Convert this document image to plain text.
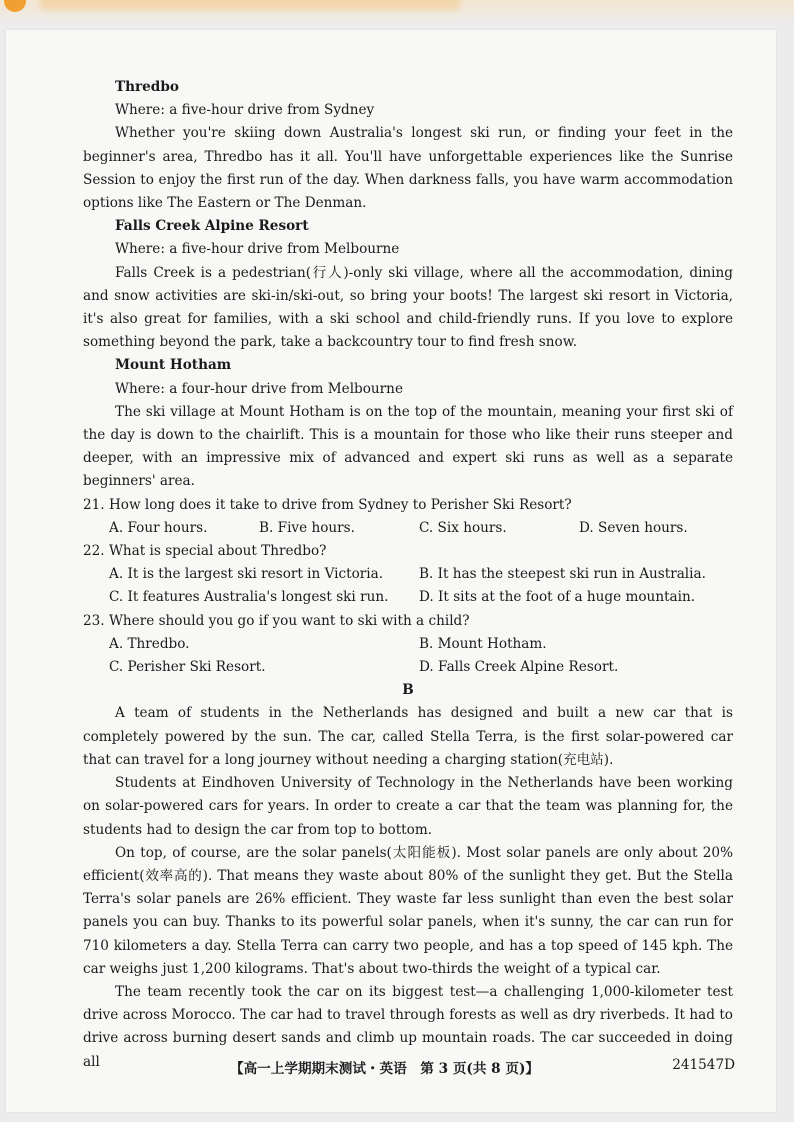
Thredbo

Where: a five-hour drive from Sydney

Whether you're skiing down Australia's longest ski run, or finding your feet in the beginner's area, Thredbo has it all. You'll have unforgettable experiences like the Sunrise Session to enjoy the first run of the day. When darkness falls, you have warm accommodation options like The Eastern or The Denman.

Falls Creek Alpine Resort

Where: a five-hour drive from Melbourne

Falls Creek is a pedestrian(行人)-only ski village, where all the accommodation, dining and snow activities are ski-in/ski-out, so bring your boots! The largest ski resort in Victoria, it's also great for families, with a ski school and child-friendly runs. If you love to explore something beyond the park, take a backcountry tour to find fresh snow.

Mount Hotham

Where: a four-hour drive from Melbourne

The ski village at Mount Hotham is on the top of the mountain, meaning your first ski of the day is down to the chairlift. This is a mountain for those who like their runs steeper and deeper, with an impressive mix of advanced and expert ski runs as well as a separate beginners' area.

21. How long does it take to drive from Sydney to Perisher Ski Resort?

A. Four hours.	B. Five hours.	C. Six hours.	D. Seven hours.

22. What is special about Thredbo?

A. It is the largest ski resort in Victoria.	B. It has the steepest ski run in Australia.
C. It features Australia's longest ski run.	D. It sits at the foot of a huge mountain.

23. Where should you go if you want to ski with a child?

A. Thredbo.	B. Mount Hotham.
C. Perisher Ski Resort.	D. Falls Creek Alpine Resort.

B

A team of students in the Netherlands has designed and built a new car that is completely powered by the sun. The car, called Stella Terra, is the first solar-powered car that can travel for a long journey without needing a charging station(充电站).

Students at Eindhoven University of Technology in the Netherlands have been working on solar-powered cars for years. In order to create a car that the team was planning for, the students had to design the car from top to bottom.

On top, of course, are the solar panels(太阳能板). Most solar panels are only about 20% efficient(效率高的). That means they waste about 80% of the sunlight they get. But the Stella Terra's solar panels are 26% efficient. They waste far less sunlight than even the best solar panels you can buy. Thanks to its powerful solar panels, when it's sunny, the car can run for 710 kilometers a day. Stella Terra can carry two people, and has a top speed of 145 kph. The car weighs just 1,200 kilograms. That's about two-thirds the weight of a typical car.

The team recently took the car on its biggest test—a challenging 1,000-kilometer test drive across Morocco. The car had to travel through forests as well as dry riverbeds. It had to drive across burning desert sands and climb up mountain roads. The car succeeded in doing all	【高一上学期期末测试・英语　第 3 页(共 8 页)】	241547D
